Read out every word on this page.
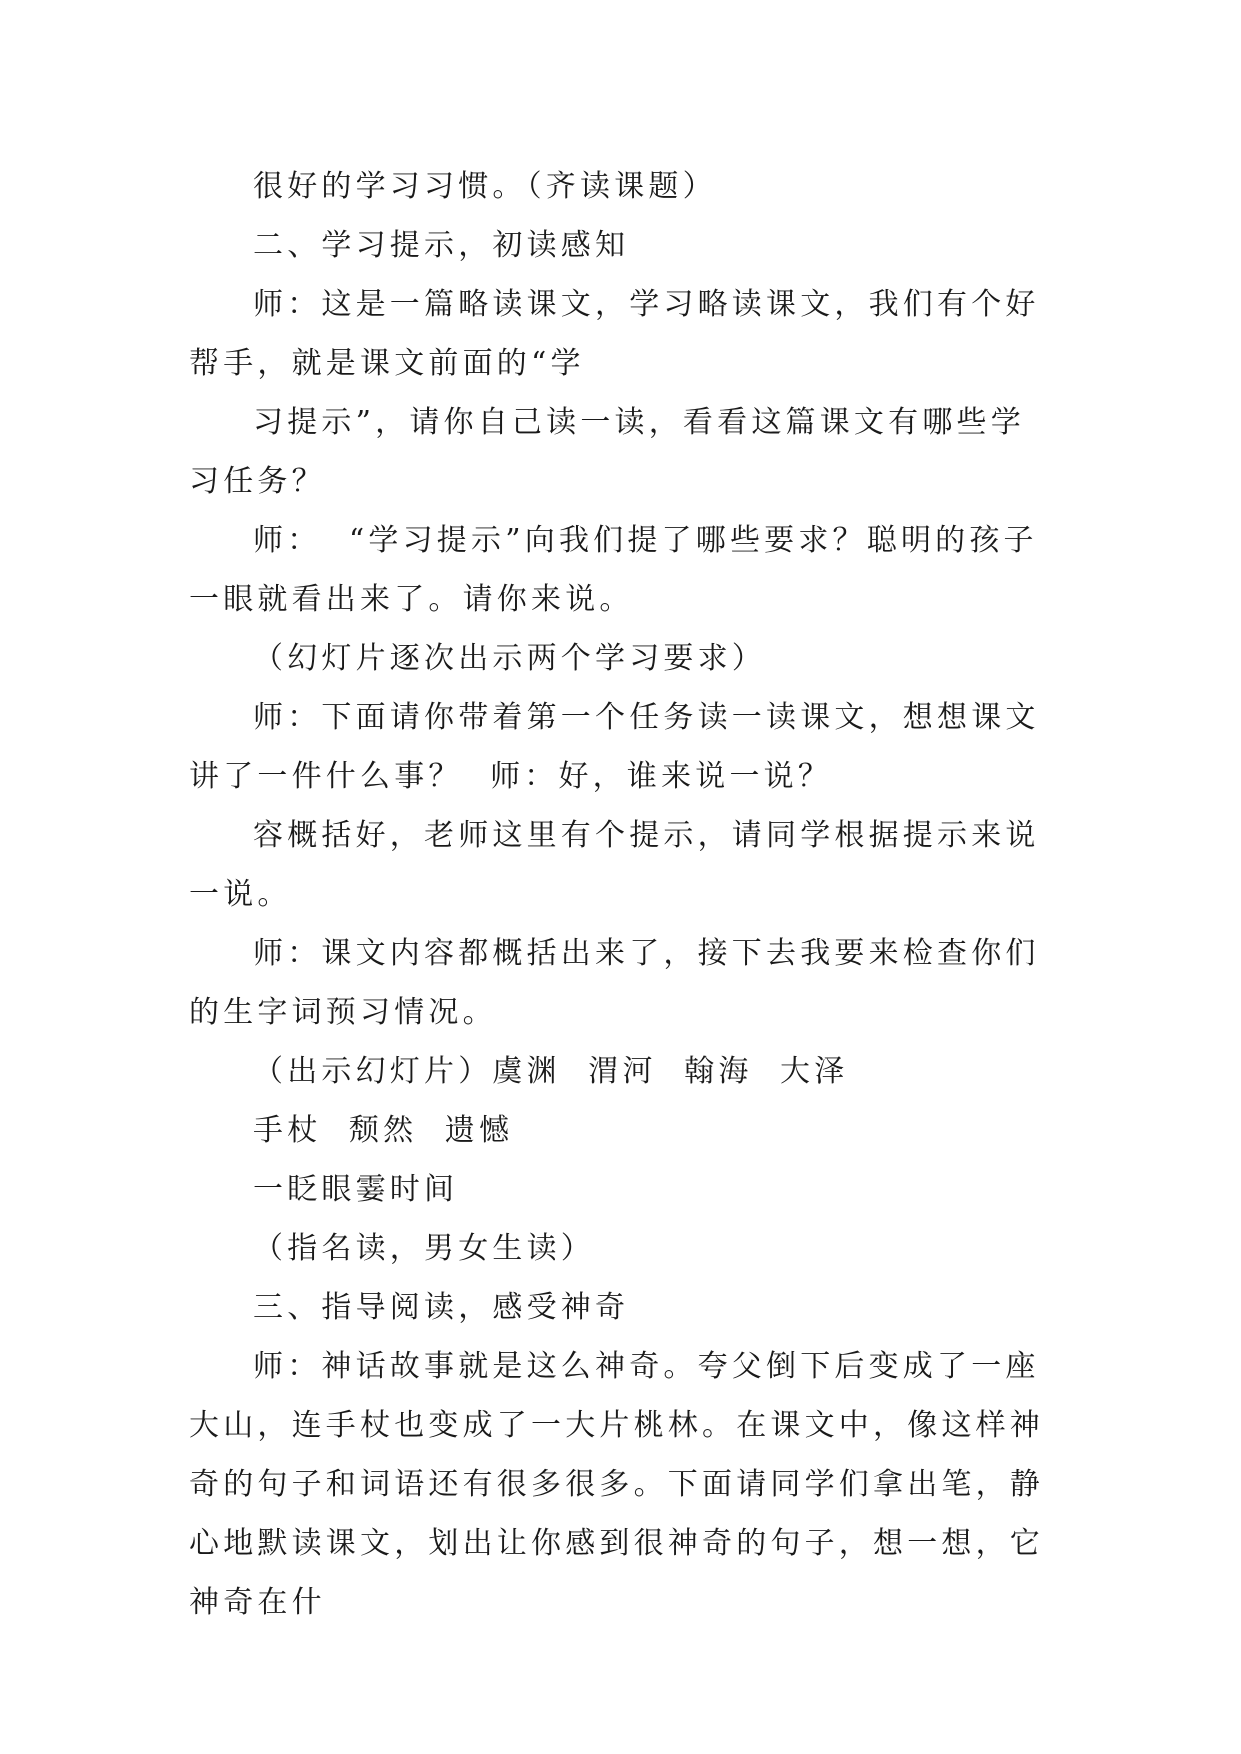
很好的学习习惯。（齐读课题）

二、学习提示，初读感知

师：这是一篇略读课文，学习略读课文，我们有个好帮手，就是课文前面的“学

习提示”，请你自己读一读，看看这篇课文有哪些学习任务？

师：  “学习提示”向我们提了哪些要求？聪明的孩子一眼就看出来了。请你来说。

（幻灯片逐次出示两个学习要求）

师：下面请你带着第一个任务读一读课文，想想课文讲了一件什么事？  师：好，谁来说一说？

容概括好，老师这里有个提示，请同学根据提示来说一说。

师：课文内容都概括出来了，接下去我要来检查你们的生字词预习情况。

（出示幻灯片）虞渊  渭河  翰海  大泽

手杖  颓然  遗憾

一眨眼霎时间

（指名读，男女生读）

三、指导阅读，感受神奇

师：神话故事就是这么神奇。夸父倒下后变成了一座大山，连手杖也变成了一大片桃林。在课文中，像这样神奇的句子和词语还有很多很多。下面请同学们拿出笔，静心地默读课文，划出让你感到很神奇的句子，想一想，它神奇在什
